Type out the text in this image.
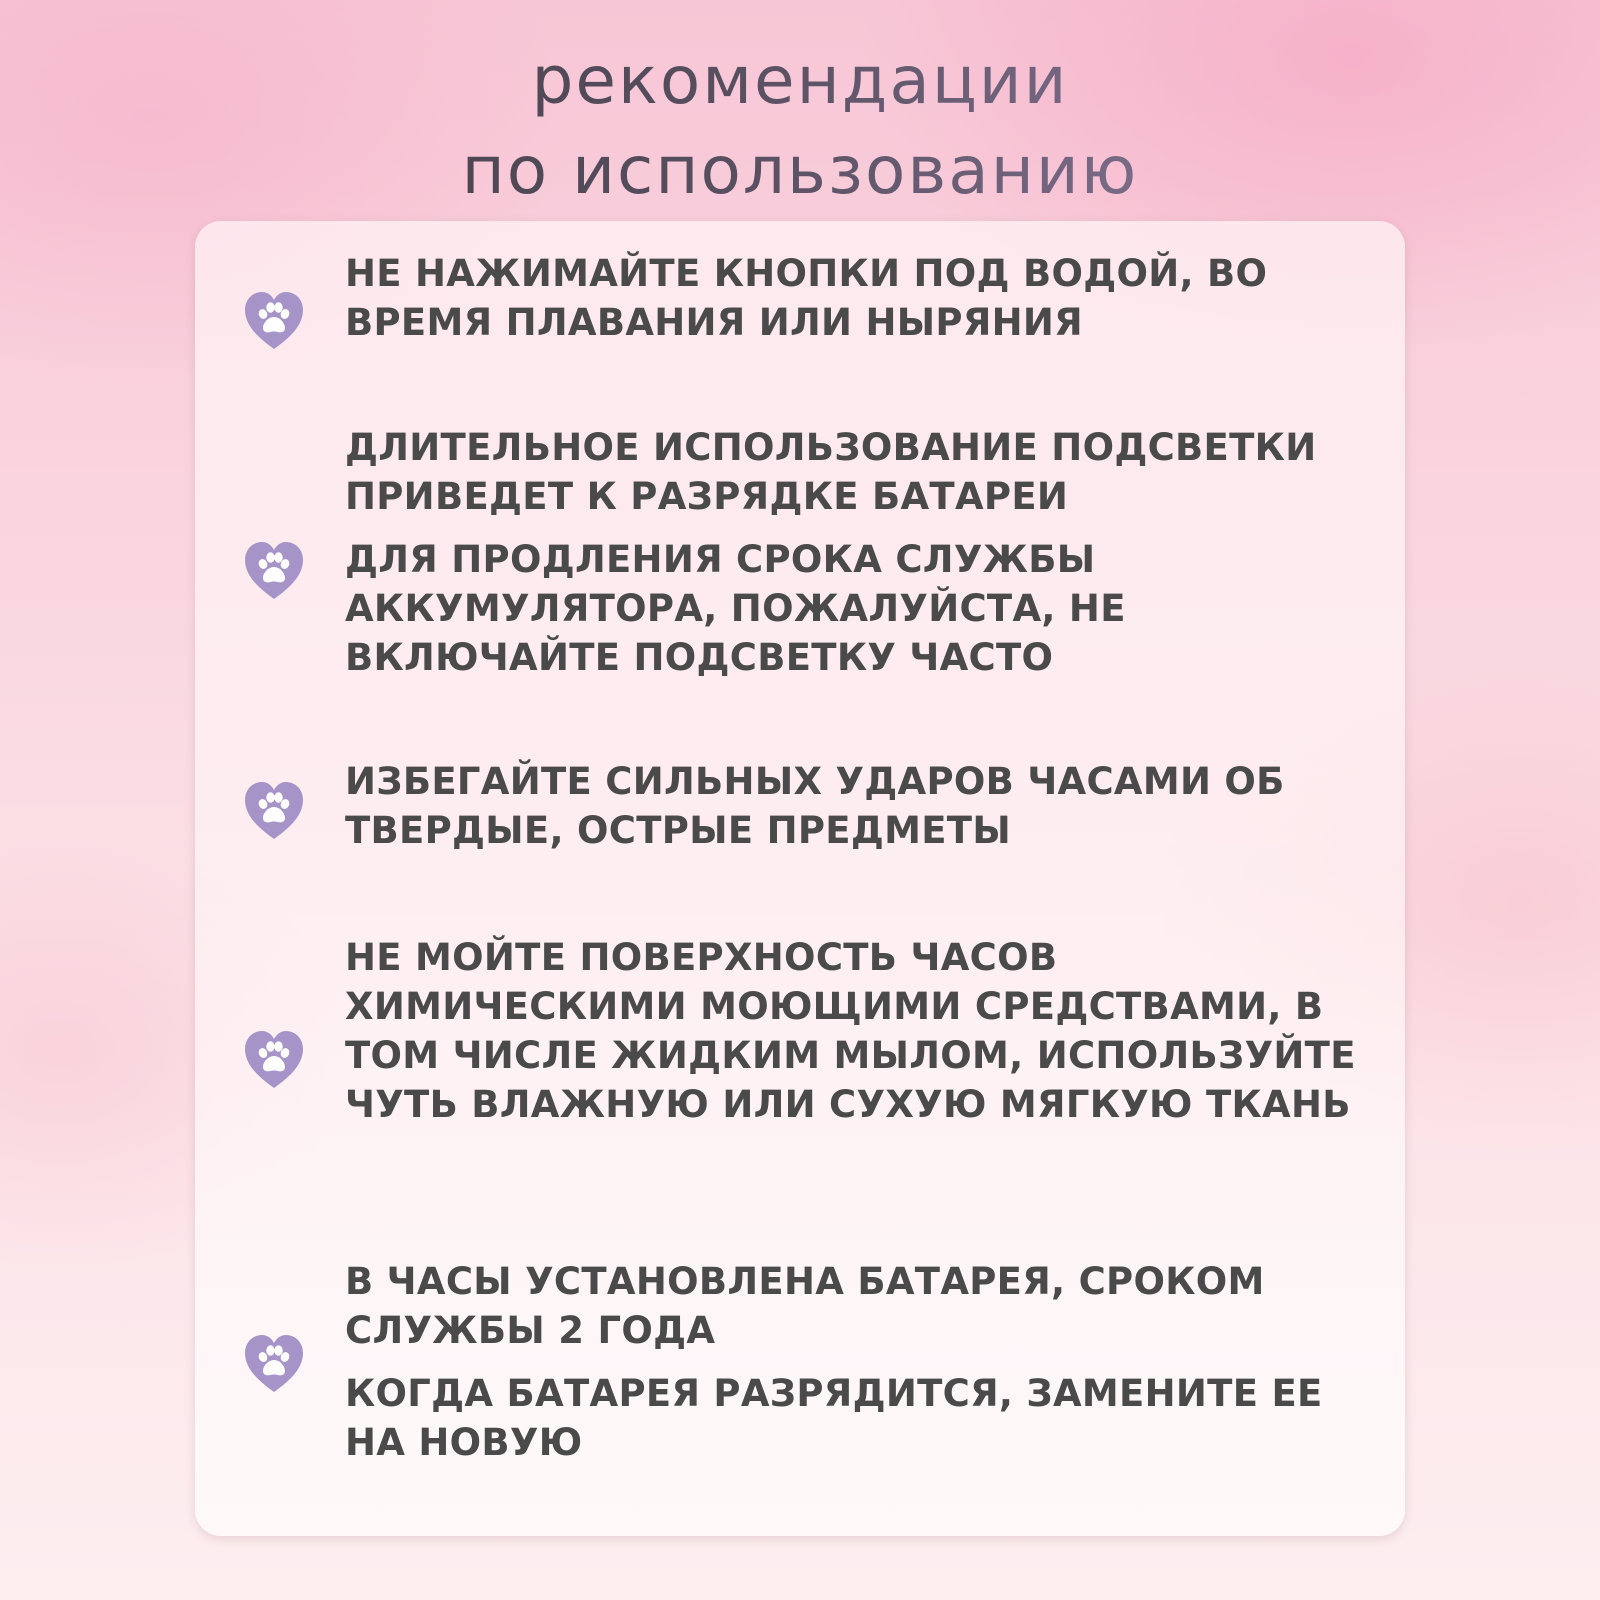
рекомендации
по использованию

НЕ НАЖИМАЙТЕ КНОПКИ ПОД ВОДОЙ, ВО ВРЕМЯ ПЛАВАНИЯ ИЛИ НЫРЯНИЯ

ДЛИТЕЛЬНОЕ ИСПОЛЬЗОВАНИЕ ПОДСВЕТКИ ПРИВЕДЕТ К РАЗРЯДКЕ БАТАРЕИ

ДЛЯ ПРОДЛЕНИЯ СРОКА СЛУЖБЫ АККУМУЛЯТОРА, ПОЖАЛУЙСТА, НЕ ВКЛЮЧАЙТЕ ПОДСВЕТКУ ЧАСТО

ИЗБЕГАЙТЕ СИЛЬНЫХ УДАРОВ ЧАСАМИ ОБ ТВЕРДЫЕ, ОСТРЫЕ ПРЕДМЕТЫ

НЕ МОЙТЕ ПОВЕРХНОСТЬ ЧАСОВ ХИМИЧЕСКИМИ МОЮЩИМИ СРЕДСТВАМИ, В ТОМ ЧИСЛЕ ЖИДКИМ МЫЛОМ, ИСПОЛЬЗУЙТЕ ЧУТЬ ВЛАЖНУЮ ИЛИ СУХУЮ МЯГКУЮ ТКАНЬ

В ЧАСЫ УСТАНОВЛЕНА БАТАРЕЯ, СРОКОМ СЛУЖБЫ 2 ГОДА

КОГДА БАТАРЕЯ РАЗРЯДИТСЯ, ЗАМЕНИТЕ ЕЕ НА НОВУЮ
